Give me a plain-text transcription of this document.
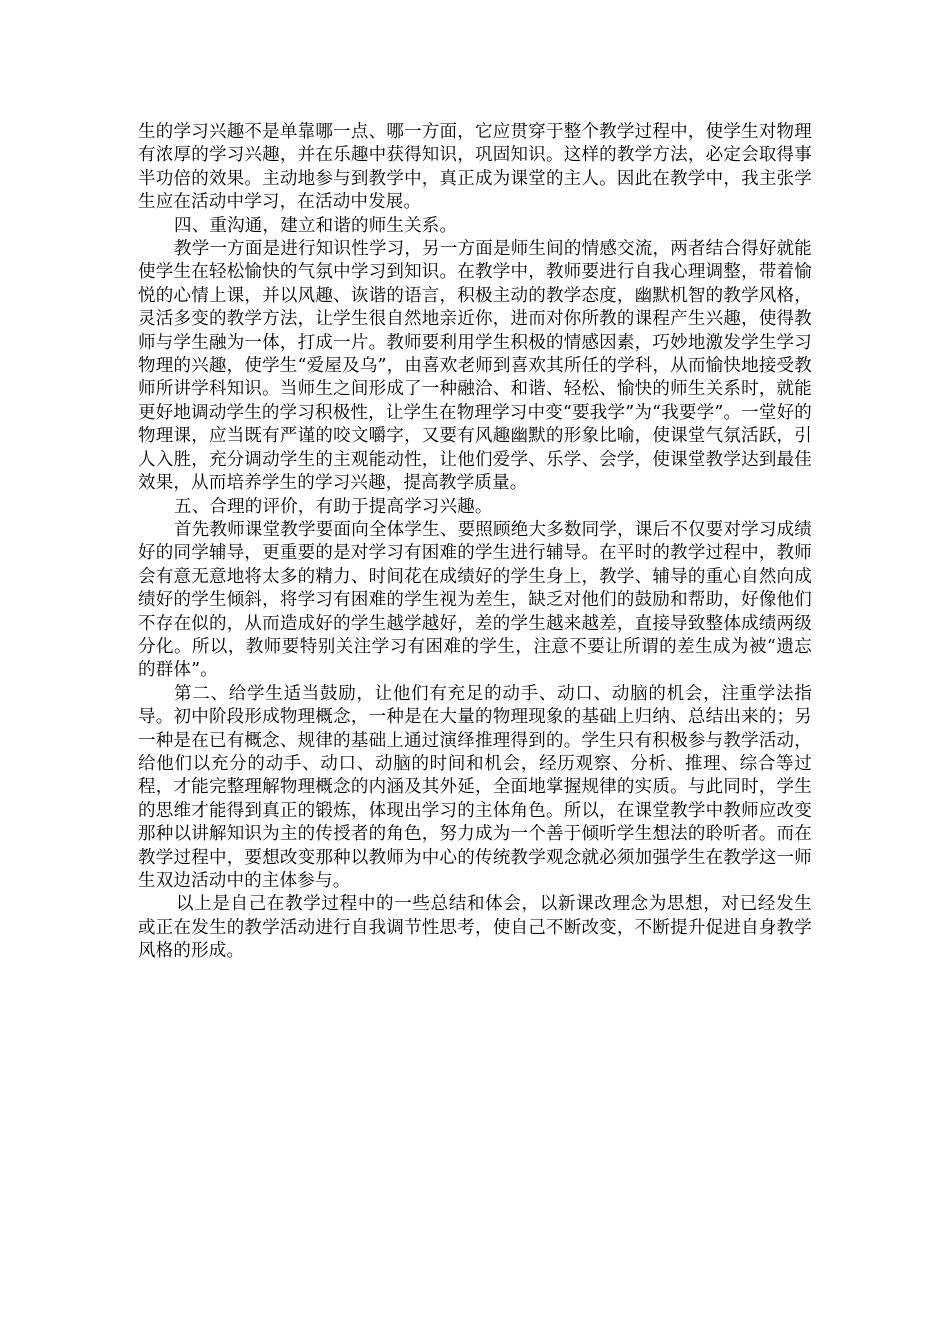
生的学习兴趣不是单靠哪一点、哪一方面，它应贯穿于整个教学过程中，使学生对物理有浓厚的学习兴趣，并在乐趣中获得知识，巩固知识。这样的教学方法，必定会取得事半功倍的效果。主动地参与到教学中，真正成为课堂的主人。因此在教学中，我主张学生应在活动中学习，在活动中发展。

四、重沟通，建立和谐的师生关系。

教学一方面是进行知识性学习，另一方面是师生间的情感交流，两者结合得好就能使学生在轻松愉快的气氛中学习到知识。在教学中，教师要进行自我心理调整，带着愉悦的心情上课，并以风趣、诙谐的语言，积极主动的教学态度，幽默机智的教学风格，灵活多变的教学方法，让学生很自然地亲近你，进而对你所教的课程产生兴趣，使得教师与学生融为一体，打成一片。教师要利用学生积极的情感因素，巧妙地激发学生学习物理的兴趣，使学生“爱屋及乌”，由喜欢老师到喜欢其所任的学科，从而愉快地接受教师所讲学科知识。当师生之间形成了一种融洽、和谐、轻松、愉快的师生关系时，就能更好地调动学生的学习积极性，让学生在物理学习中变“要我学”为“我要学”。一堂好的物理课，应当既有严谨的咬文嚼字，又要有风趣幽默的形象比喻，使课堂气氛活跃，引人入胜，充分调动学生的主观能动性，让他们爱学、乐学、会学，使课堂教学达到最佳效果，从而培养学生的学习兴趣，提高教学质量。

五、合理的评价，有助于提高学习兴趣。

首先教师课堂教学要面向全体学生、要照顾绝大多数同学，课后不仅要对学习成绩好的同学辅导，更重要的是对学习有困难的学生进行辅导。在平时的教学过程中，教师会有意无意地将太多的精力、时间花在成绩好的学生身上，教学、辅导的重心自然向成绩好的学生倾斜，将学习有困难的学生视为差生，缺乏对他们的鼓励和帮助，好像他们不存在似的，从而造成好的学生越学越好，差的学生越来越差，直接导致整体成绩两级分化。所以，教师要特别关注学习有困难的学生，注意不要让所谓的差生成为被“遗忘的群体”。

第二、给学生适当鼓励，让他们有充足的动手、动口、动脑的机会，注重学法指导。初中阶段形成物理概念，一种是在大量的物理现象的基础上归纳、总结出来的；另一种是在已有概念、规律的基础上通过演绎推理得到的。学生只有积极参与教学活动，给他们以充分的动手、动口、动脑的时间和机会，经历观察、分析、推理、综合等过程，才能完整理解物理概念的内涵及其外延，全面地掌握规律的实质。与此同时，学生的思维才能得到真正的锻炼，体现出学习的主体角色。所以，在课堂教学中教师应改变那种以讲解知识为主的传授者的角色，努力成为一个善于倾听学生想法的聆听者。而在教学过程中，要想改变那种以教师为中心的传统教学观念就必须加强学生在教学这一师生双边活动中的主体参与。

以上是自己在教学过程中的一些总结和体会，以新课改理念为思想，对已经发生或正在发生的教学活动进行自我调节性思考，使自己不断改变，不断提升促进自身教学风格的形成。
